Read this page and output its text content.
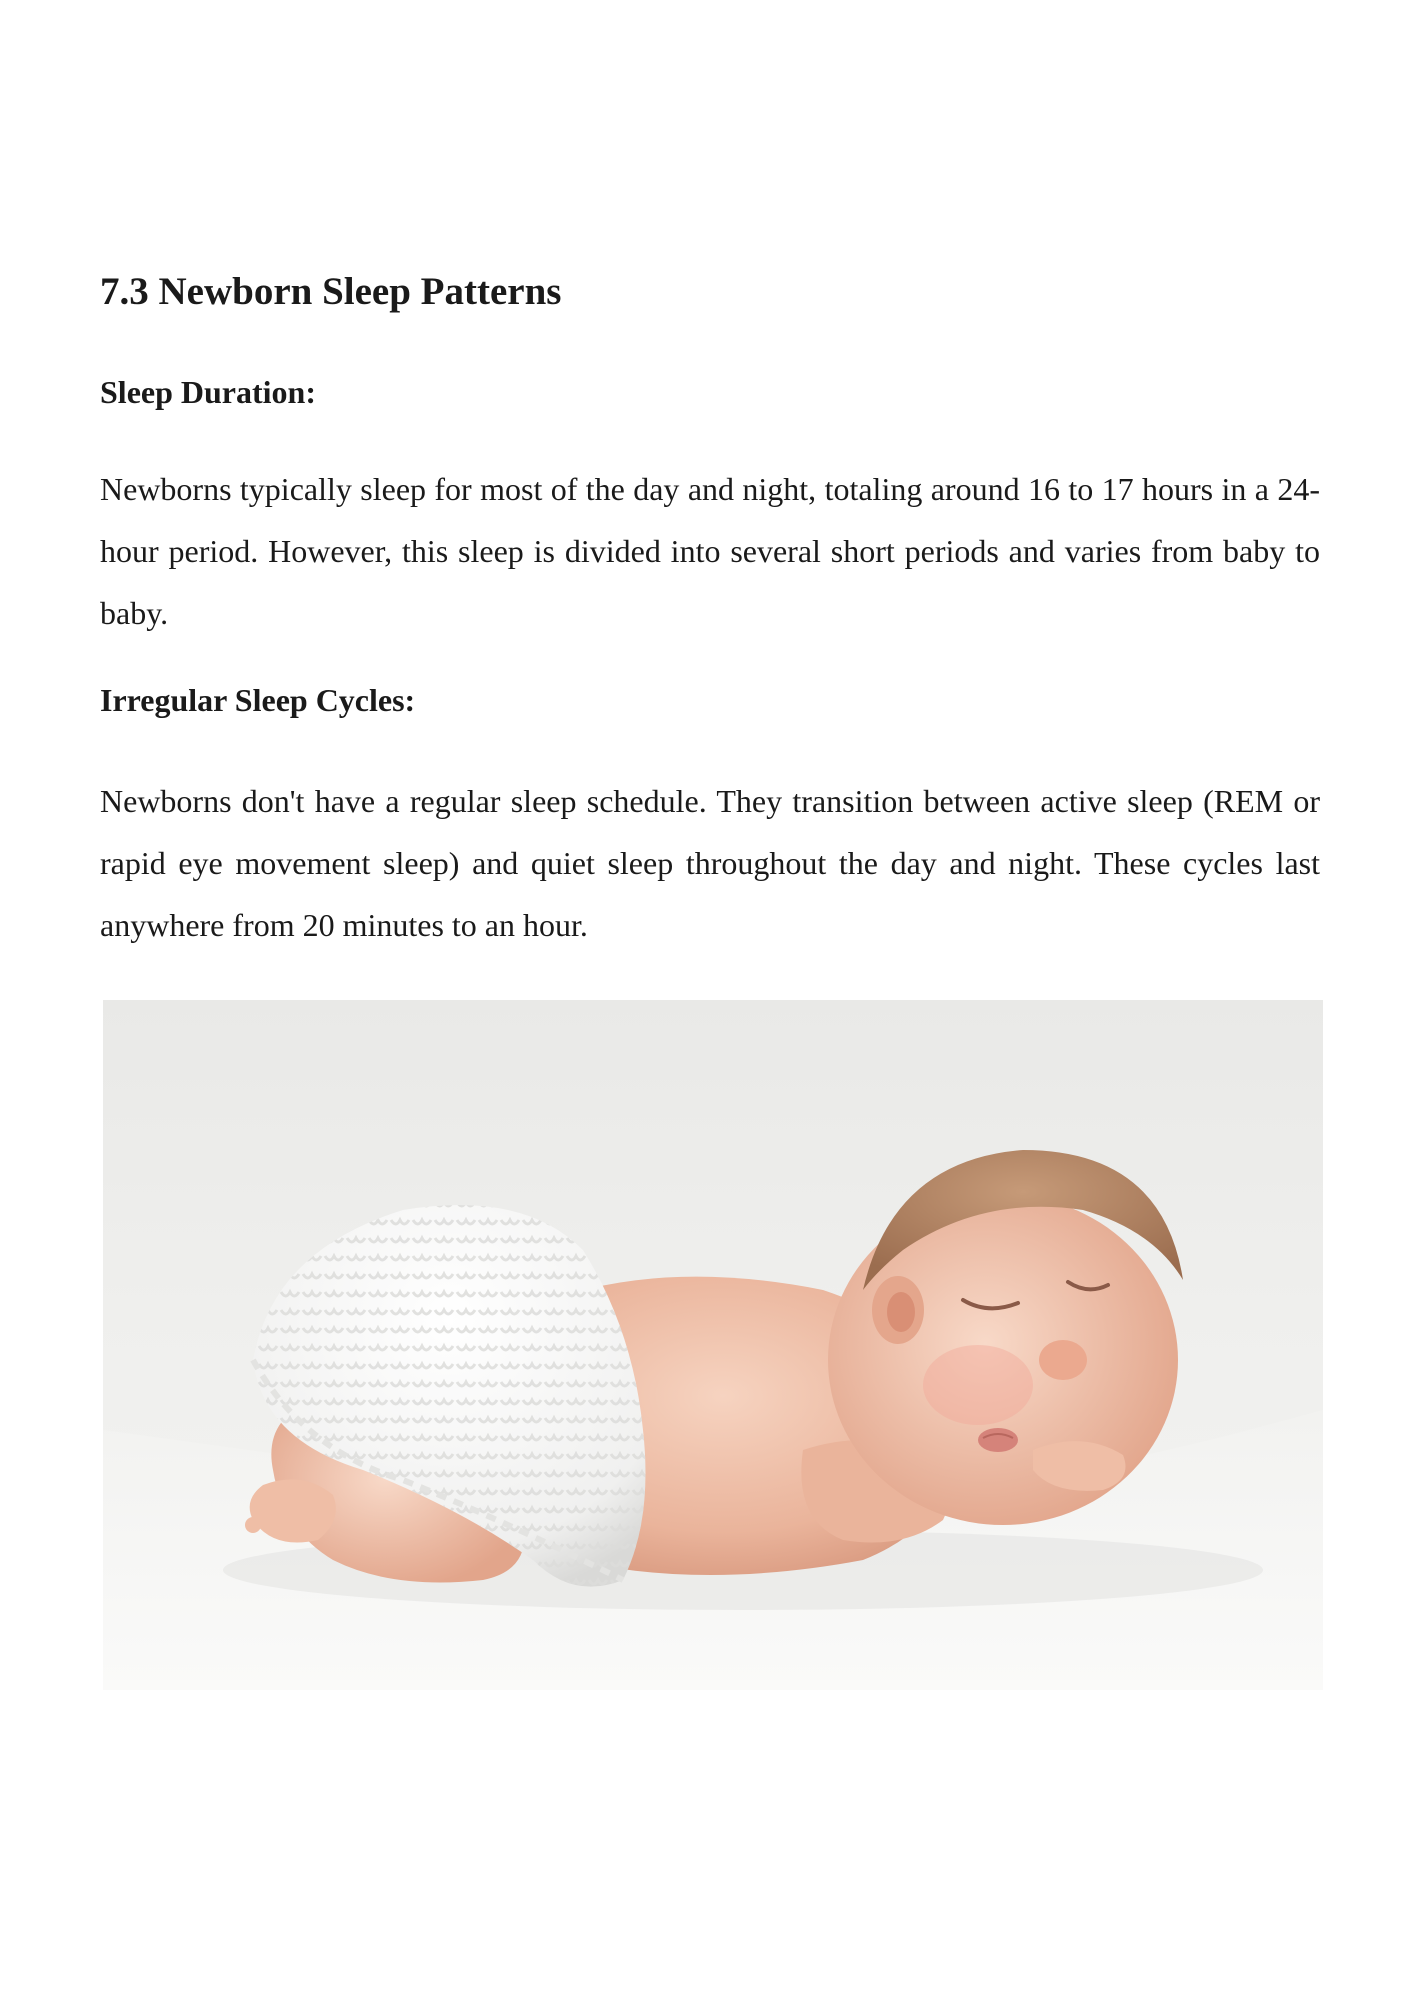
7.3 Newborn Sleep Patterns
Sleep Duration:

Newborns typically sleep for most of the day and night, totaling around 16 to 17 hours in a 24-hour period. However, this sleep is divided into several short periods and varies from baby to baby.

Irregular Sleep Cycles:

Newborns don't have a regular sleep schedule. They transition between active sleep (REM or rapid eye movement sleep) and quiet sleep throughout the day and night. These cycles last anywhere from 20 minutes to an hour.
